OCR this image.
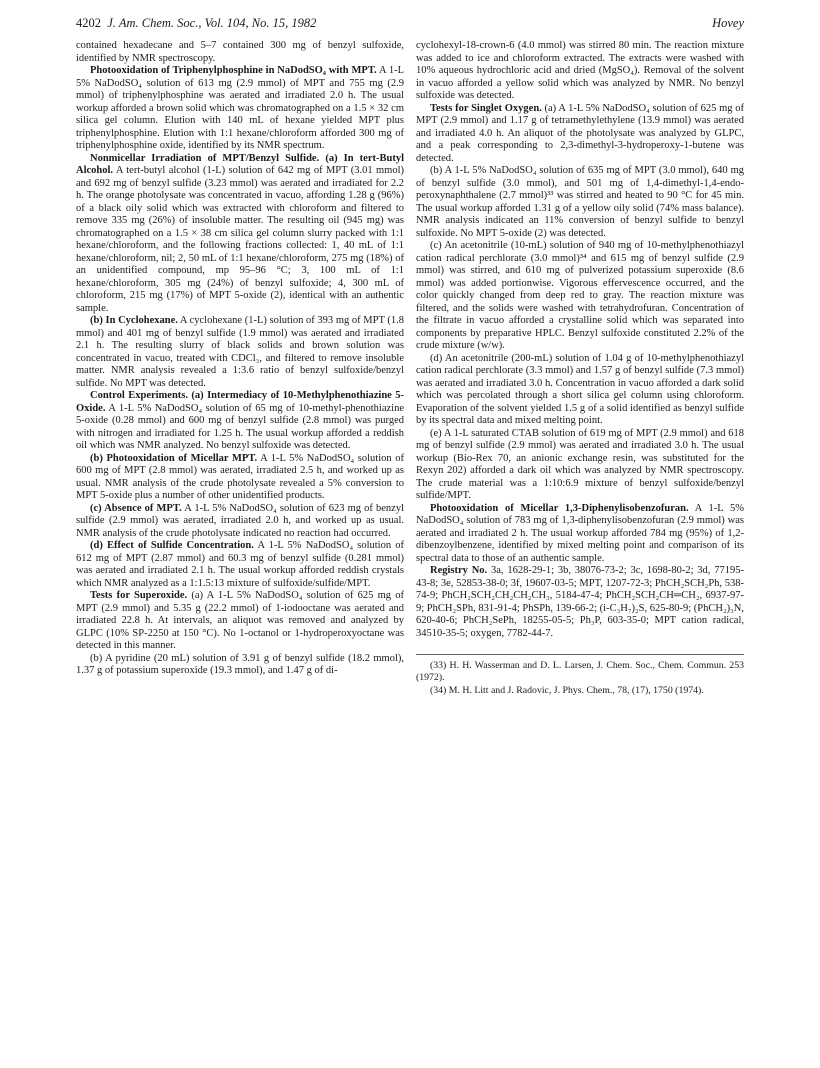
4202 J. Am. Chem. Soc., Vol. 104, No. 15, 1982	Hovey

contained hexadecane and 5–7 contained 300 mg of benzyl sulfoxide, identified by NMR spectroscopy.

Photooxidation of Triphenylphosphine in NaDodSO₄ with MPT. A 1-L 5% NaDodSO₄ solution of 613 mg (2.9 mmol) of MPT and 755 mg (2.9 mmol) of triphenylphosphine was aerated and irradiated 2.0 h. The usual workup afforded a brown solid which was chromatographed on a 1.5 × 32 cm silica gel column. Elution with 140 mL of hexane yielded MPT plus triphenylphosphine. Elution with 1:1 hexane/chloroform afforded 300 mg of triphenylphosphine oxide, identified by its NMR spectrum.

Nonmicellar Irradiation of MPT/Benzyl Sulfide. (a) In tert-Butyl Alcohol. A tert-butyl alcohol (1-L) solution of 642 mg of MPT (3.01 mmol) and 692 mg of benzyl sulfide (3.23 mmol) was aerated and irradiated for 2.2 h. The orange photolysate was concentrated in vacuo, affording 1.28 g (96%) of a black oily solid which was extracted with chloroform and filtered to remove 335 mg (26%) of insoluble matter. The resulting oil (945 mg) was chromatographed on a 1.5 × 38 cm silica gel column slurry packed with 1:1 hexane/chloroform, and the following fractions collected: 1, 40 mL of 1:1 hexane/chloroform, nil; 2, 50 mL of 1:1 hexane/chloroform, 275 mg (18%) of an unidentified compound, mp 95–96 °C; 3, 100 mL of 1:1 hexane/chloroform, 305 mg (24%) of benzyl sulfoxide; 4, 300 mL of chloroform, 215 mg (17%) of MPT 5-oxide (2), identical with an authentic sample.

(b) In Cyclohexane. A cyclohexane (1-L) solution of 393 mg of MPT (1.8 mmol) and 401 mg of benzyl sulfide (1.9 mmol) was aerated and irradiated 2.1 h. The resulting slurry of black solids and brown solution was concentrated in vacuo, treated with CDCl₃, and filtered to remove insoluble matter. NMR analysis revealed a 1:3.6 ratio of benzyl sulfoxide/benzyl sulfide. No MPT was detected.

Control Experiments. (a) Intermediacy of 10-Methylphenothiazine 5-Oxide. A 1-L 5% NaDodSO₄ solution of 65 mg of 10-methyl-phenothiazine 5-oxide (0.28 mmol) and 600 mg of benzyl sulfide (2.8 mmol) was purged with nitrogen and irradiated for 1.25 h. The usual workup afforded a reddish oil which was NMR analyzed. No benzyl sulfoxide was detected.

(b) Photooxidation of Micellar MPT. A 1-L 5% NaDodSO₄ solution of 600 mg of MPT (2.8 mmol) was aerated, irradiated 2.5 h, and worked up as usual. NMR analysis of the crude photolysate revealed a 5% conversion to MPT 5-oxide plus a number of other unidentified products.

(c) Absence of MPT. A 1-L 5% NaDodSO₄ solution of 623 mg of benzyl sulfide (2.9 mmol) was aerated, irradiated 2.0 h, and worked up as usual. NMR analysis of the crude photolysate indicated no reaction had occurred.

(d) Effect of Sulfide Concentration. A 1-L 5% NaDodSO₄ solution of 612 mg of MPT (2.87 mmol) and 60.3 mg of benzyl sulfide (0.281 mmol) was aerated and irradiated 2.1 h. The usual workup afforded reddish crystals which NMR analyzed as a 1:1.5:13 mixture of sulfoxide/sulfide/MPT.

Tests for Superoxide. (a) A 1-L 5% NaDodSO₄ solution of 625 mg of MPT (2.9 mmol) and 5.35 g (22.2 mmol) of 1-iodooctane was aerated and irradiated 22.8 h. At intervals, an aliquot was removed and analyzed by GLPC (10% SP-2250 at 150 °C). No 1-octanol or 1-hydroperoxyoctane was detected in this manner.

(b) A pyridine (20 mL) solution of 3.91 g of benzyl sulfide (18.2 mmol), 1.37 g of potassium superoxide (19.3 mmol), and 1.47 g of di-

cyclohexyl-18-crown-6 (4.0 mmol) was stirred 80 min. The reaction mixture was added to ice and chloroform extracted. The extracts were washed with 10% aqueous hydrochloric acid and dried (MgSO₄). Removal of the solvent in vacuo afforded a yellow solid which was analyzed by NMR. No benzyl sulfoxide was detected.

Tests for Singlet Oxygen. (a) A 1-L 5% NaDodSO₄ solution of 625 mg of MPT (2.9 mmol) and 1.17 g of tetramethylethylene (13.9 mmol) was aerated and irradiated 4.0 h. An aliquot of the photolysate was analyzed by GLPC, and a peak corresponding to 2,3-dimethyl-3-hydroperoxy-1-butene was detected.

(b) A 1-L 5% NaDodSO₄ solution of 635 mg of MPT (3.0 mmol), 640 mg of benzyl sulfide (3.0 mmol), and 501 mg of 1,4-dimethyl-1,4-endo-peroxynaphthalene (2.7 mmol)³³ was stirred and heated to 90 °C for 45 min. The usual workup afforded 1.31 g of a yellow oily solid (74% mass balance). NMR analysis indicated an 11% conversion of benzyl sulfide to benzyl sulfoxide. No MPT 5-oxide (2) was detected.

(c) An acetonitrile (10-mL) solution of 940 mg of 10-methylphenothiazyl cation radical perchlorate (3.0 mmol)³⁴ and 615 mg of benzyl sulfide (2.9 mmol) was stirred, and 610 mg of pulverized potassium superoxide (8.6 mmol) was added portionwise. Vigorous effervescence occurred, and the color quickly changed from deep red to gray. The reaction mixture was filtered, and the solids were washed with tetrahydrofuran. Concentration of the filtrate in vacuo afforded a crystalline solid which was separated into components by preparative HPLC. Benzyl sulfoxide constituted 2.2% of the crude mixture (w/w).

(d) An acetonitrile (200-mL) solution of 1.04 g of 10-methylphenothiazyl cation radical perchlorate (3.3 mmol) and 1.57 g of benzyl sulfide (7.3 mmol) was aerated and irradiated 3.0 h. Concentration in vacuo afforded a dark solid which was percolated through a short silica gel column using chloroform. Evaporation of the solvent yielded 1.5 g of a solid identified as benzyl sulfide by its spectral data and mixed melting point.

(e) A 1-L saturated CTAB solution of 619 mg of MPT (2.9 mmol) and 618 mg of benzyl sulfide (2.9 mmol) was aerated and irradiated 3.0 h. The usual workup (Bio-Rex 70, an anionic exchange resin, was substituted for the Rexyn 202) afforded a dark oil which was analyzed by NMR spectroscopy. The crude material was a 1:10:6.9 mixture of benzyl sulfoxide/benzyl sulfide/MPT.

Photooxidation of Micellar 1,3-Diphenylisobenzofuran. A 1-L 5% NaDodSO₄ solution of 783 mg of 1,3-diphenylisobenzofuran (2.9 mmol) was aerated and irradiated 2 h. The usual workup afforded 784 mg (95%) of 1,2-dibenzoylbenzene, identified by mixed melting point and comparison of its spectral data to those of an authentic sample.

Registry No. 3a, 1628-29-1; 3b, 38076-73-2; 3c, 1698-80-2; 3d, 77195-43-8; 3e, 52853-38-0; 3f, 19607-03-5; MPT, 1207-72-3; PhCH₂SCH₂Ph, 538-74-9; PhCH₂SCH₂CH₂CH₂CH₃, 5184-47-4; PhCH₂SCH₂CH═CH₂, 6937-97-9; PhCH₂SPh, 831-91-4; PhSPh, 139-66-2; (i-C₃H₇)₂S, 625-80-9; (PhCH₂)₃N, 620-40-6; PhCH₂SePh, 18255-05-5; Ph₃P, 603-35-0; MPT cation radical, 34510-35-5; oxygen, 7782-44-7.

(33) H. H. Wasserman and D. L. Larsen, J. Chem. Soc., Chem. Commun. 253 (1972).

(34) M. H. Litt and J. Radovic, J. Phys. Chem., 78, (17), 1750 (1974).
